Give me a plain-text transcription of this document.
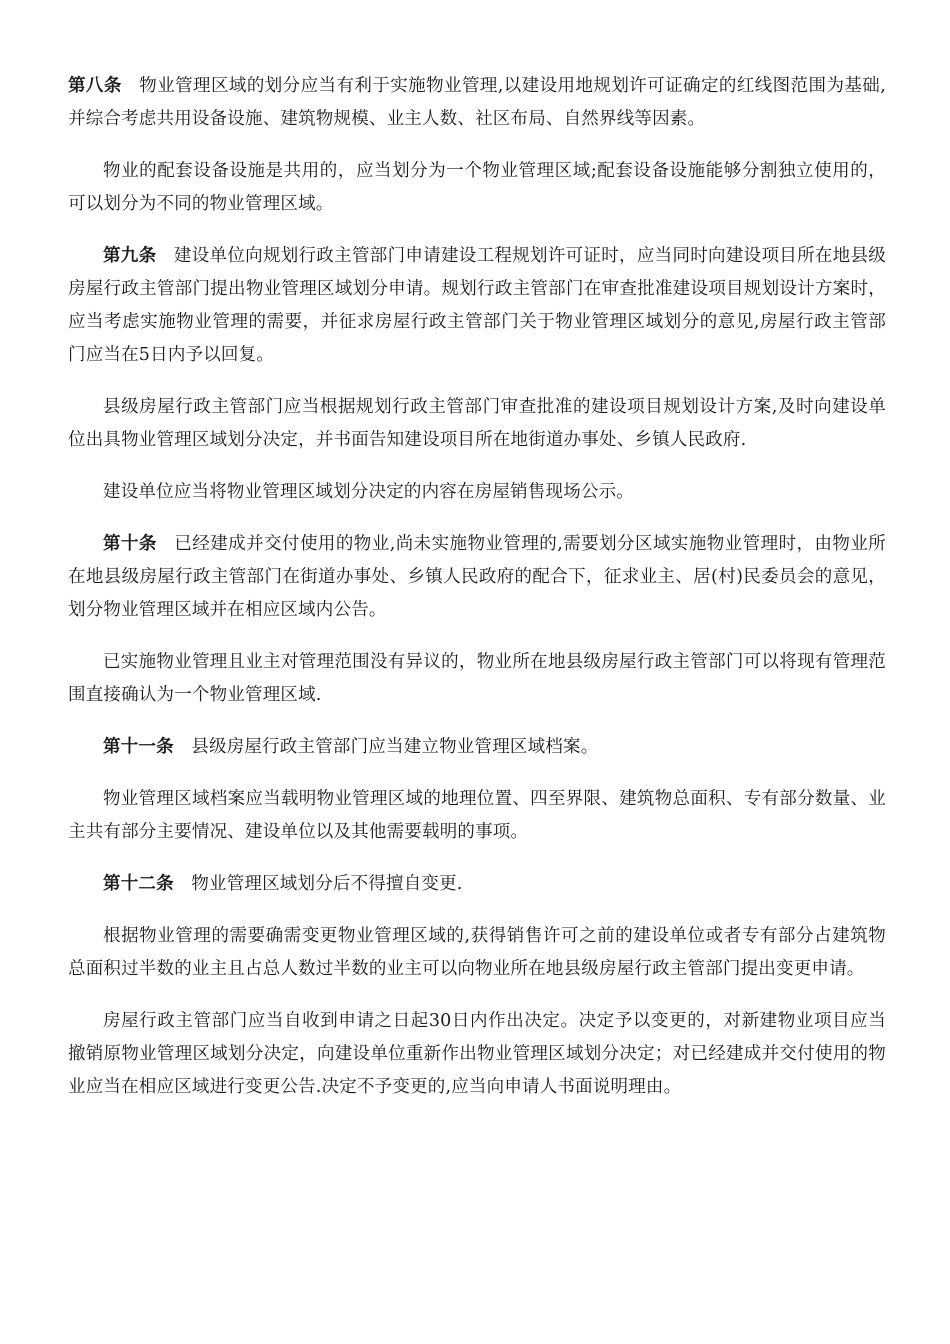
第八条 物业管理区域的划分应当有利于实施物业管理,以建设用地规划许可证确定的红线图范围为基础,并综合考虑共用设备设施、建筑物规模、业主人数、社区布局、自然界线等因素。

物业的配套设备设施是共用的，应当划分为一个物业管理区域;配套设备设施能够分割独立使用的，可以划分为不同的物业管理区域。

第九条 建设单位向规划行政主管部门申请建设工程规划许可证时，应当同时向建设项目所在地县级房屋行政主管部门提出物业管理区域划分申请。规划行政主管部门在审查批准建设项目规划设计方案时，应当考虑实施物业管理的需要，并征求房屋行政主管部门关于物业管理区域划分的意见,房屋行政主管部门应当在5日内予以回复。

县级房屋行政主管部门应当根据规划行政主管部门审查批准的建设项目规划设计方案,及时向建设单位出具物业管理区域划分决定，并书面告知建设项目所在地街道办事处、乡镇人民政府.

建设单位应当将物业管理区域划分决定的内容在房屋销售现场公示。

第十条 已经建成并交付使用的物业,尚未实施物业管理的,需要划分区域实施物业管理时，由物业所在地县级房屋行政主管部门在街道办事处、乡镇人民政府的配合下，征求业主、居(村)民委员会的意见，划分物业管理区域并在相应区域内公告。

已实施物业管理且业主对管理范围没有异议的，物业所在地县级房屋行政主管部门可以将现有管理范围直接确认为一个物业管理区域.

第十一条 县级房屋行政主管部门应当建立物业管理区域档案。

物业管理区域档案应当载明物业管理区域的地理位置、四至界限、建筑物总面积、专有部分数量、业主共有部分主要情况、建设单位以及其他需要载明的事项。

第十二条 物业管理区域划分后不得擅自变更.

根据物业管理的需要确需变更物业管理区域的,获得销售许可之前的建设单位或者专有部分占建筑物总面积过半数的业主且占总人数过半数的业主可以向物业所在地县级房屋行政主管部门提出变更申请。

房屋行政主管部门应当自收到申请之日起30日内作出决定。决定予以变更的，对新建物业项目应当撤销原物业管理区域划分决定，向建设单位重新作出物业管理区域划分决定；对已经建成并交付使用的物业应当在相应区域进行变更公告.决定不予变更的,应当向申请人书面说明理由。
